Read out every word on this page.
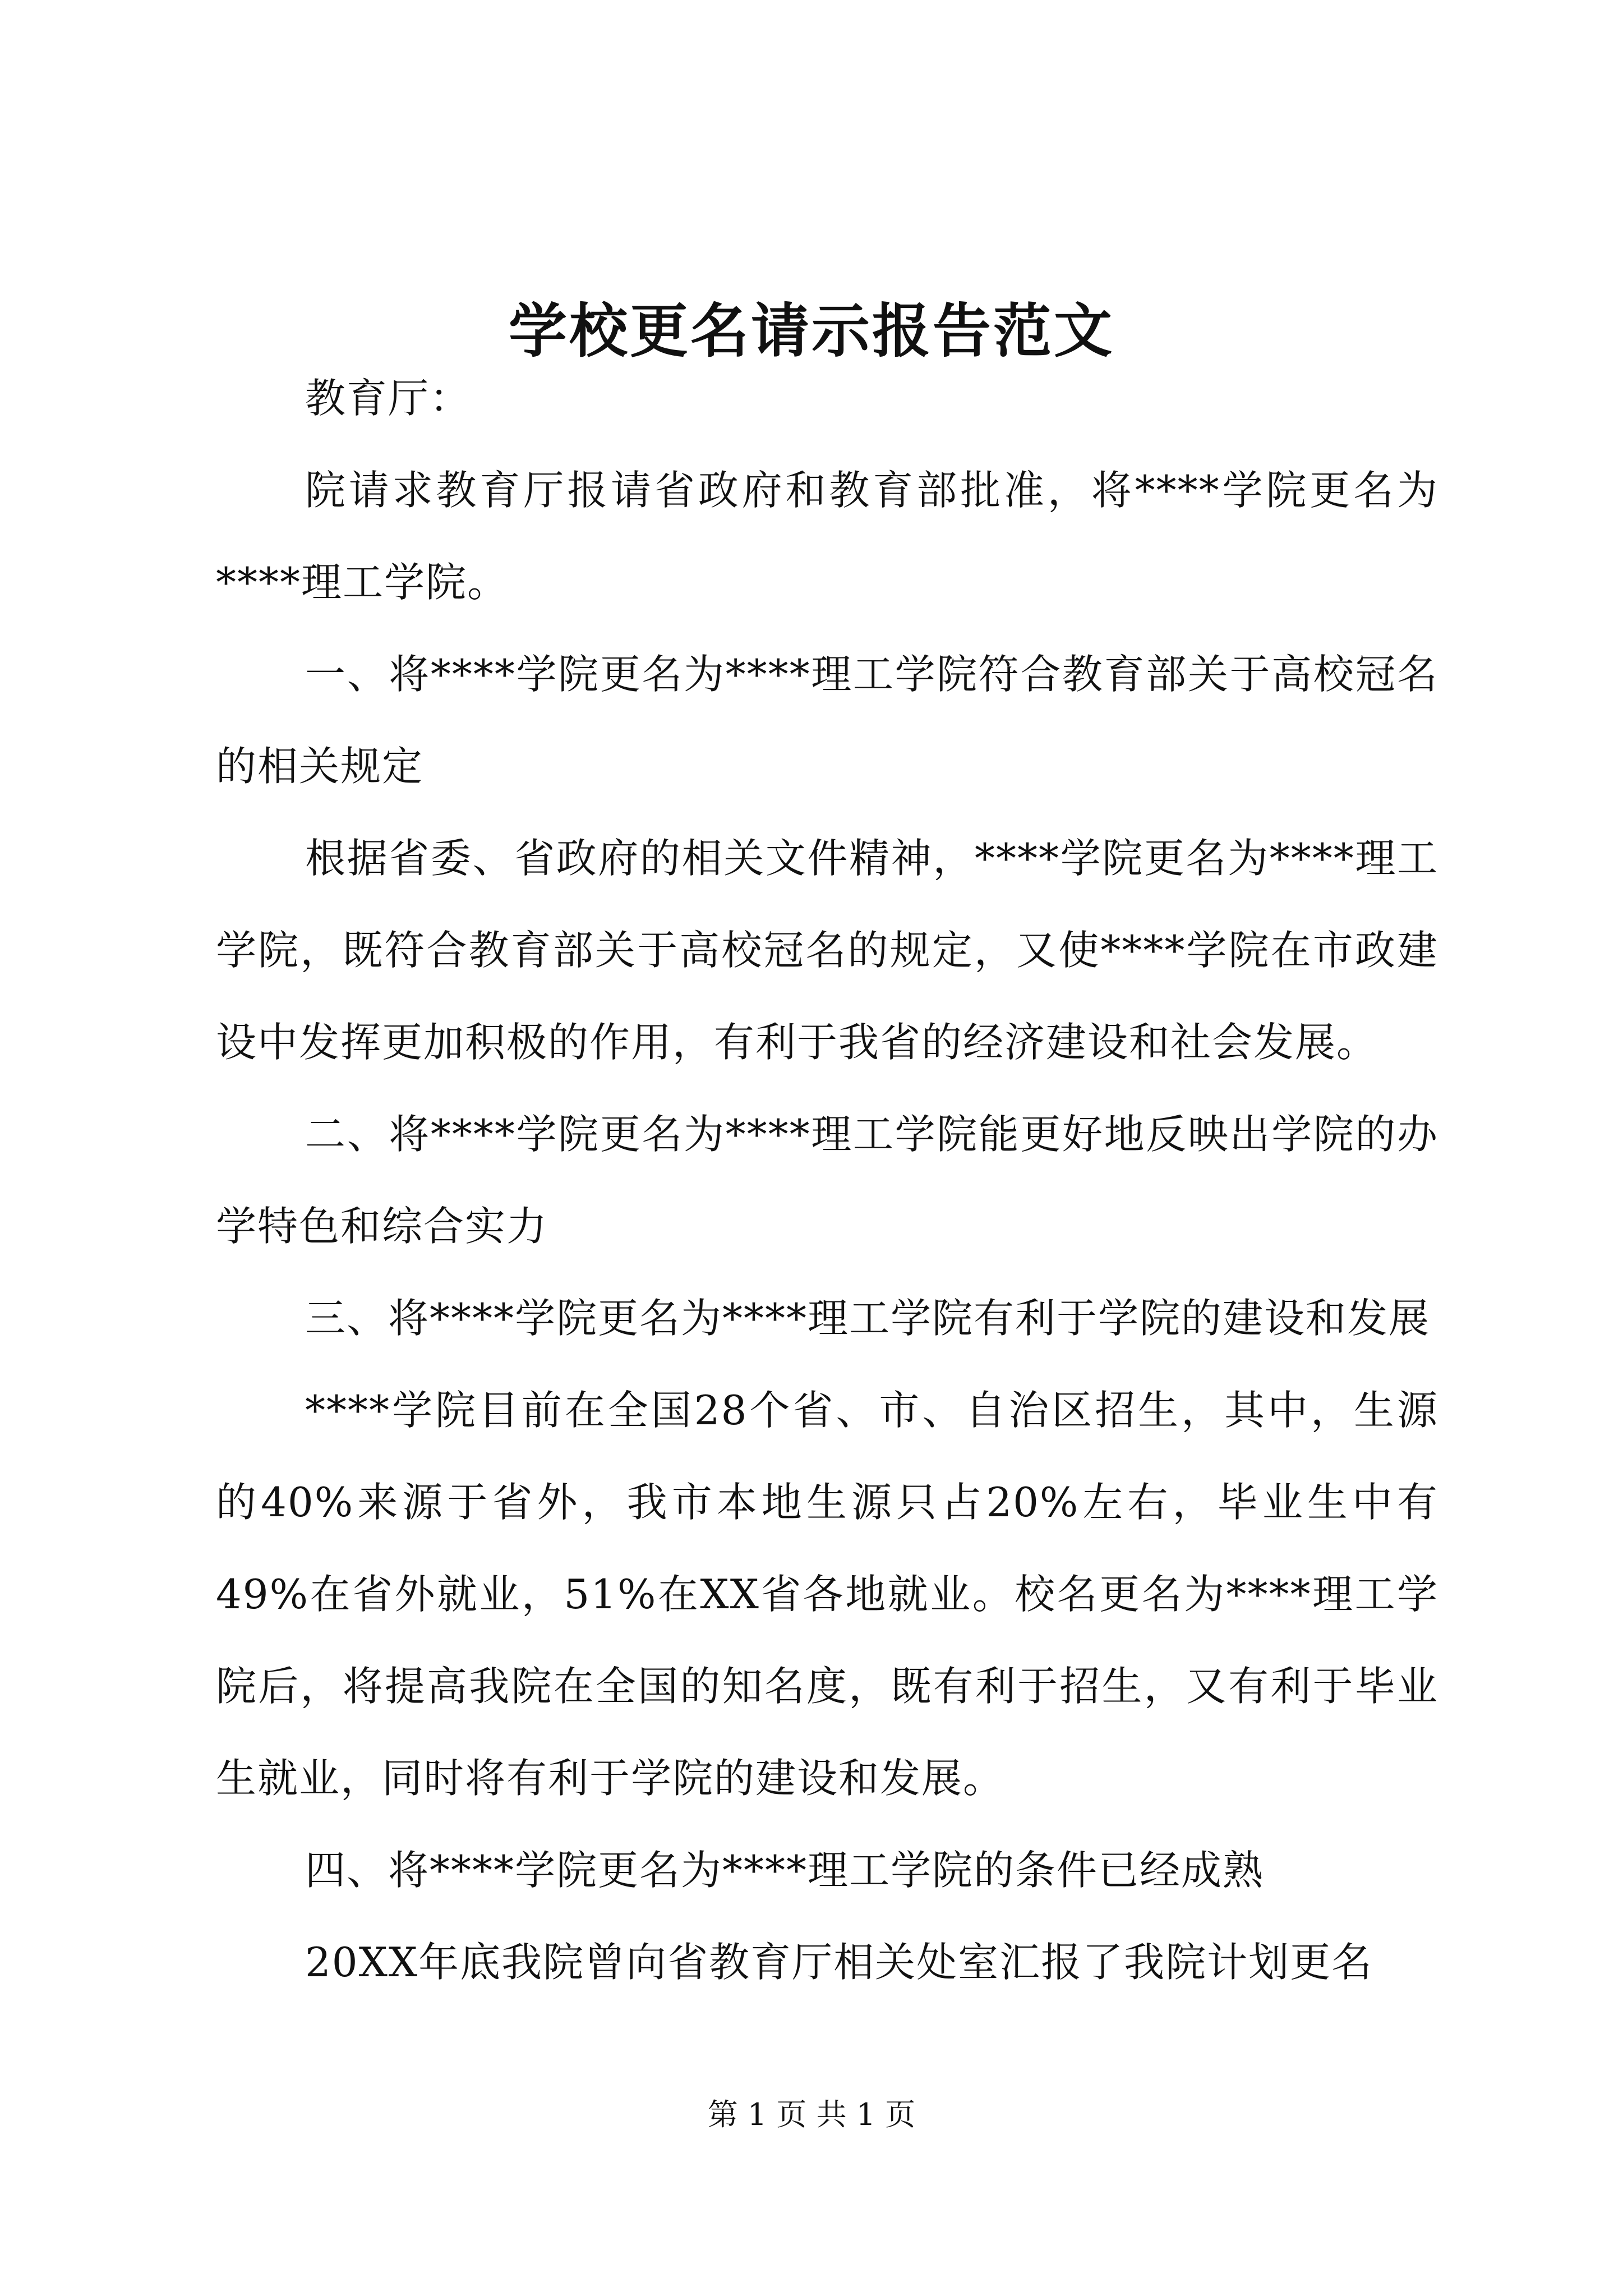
学校更名请示报告范文

教育厅：

院请求教育厅报请省政府和教育部批准，将****学院更名为****理工学院。

一、将****学院更名为****理工学院符合教育部关于高校冠名的相关规定

根据省委、省政府的相关文件精神，****学院更名为****理工学院，既符合教育部关于高校冠名的规定，又使****学院在市政建设中发挥更加积极的作用，有利于我省的经济建设和社会发展。

二、将****学院更名为****理工学院能更好地反映出学院的办学特色和综合实力

三、将****学院更名为****理工学院有利于学院的建设和发展

****学院目前在全国28个省、市、自治区招生，其中，生源的40%来源于省外，我市本地生源只占20%左右，毕业生中有49%在省外就业，51%在XX省各地就业。校名更名为****理工学院后，将提高我院在全国的知名度，既有利于招生，又有利于毕业生就业，同时将有利于学院的建设和发展。

四、将****学院更名为****理工学院的条件已经成熟

20XX年底我院曾向省教育厅相关处室汇报了我院计划更名

第 1 页 共 1 页
